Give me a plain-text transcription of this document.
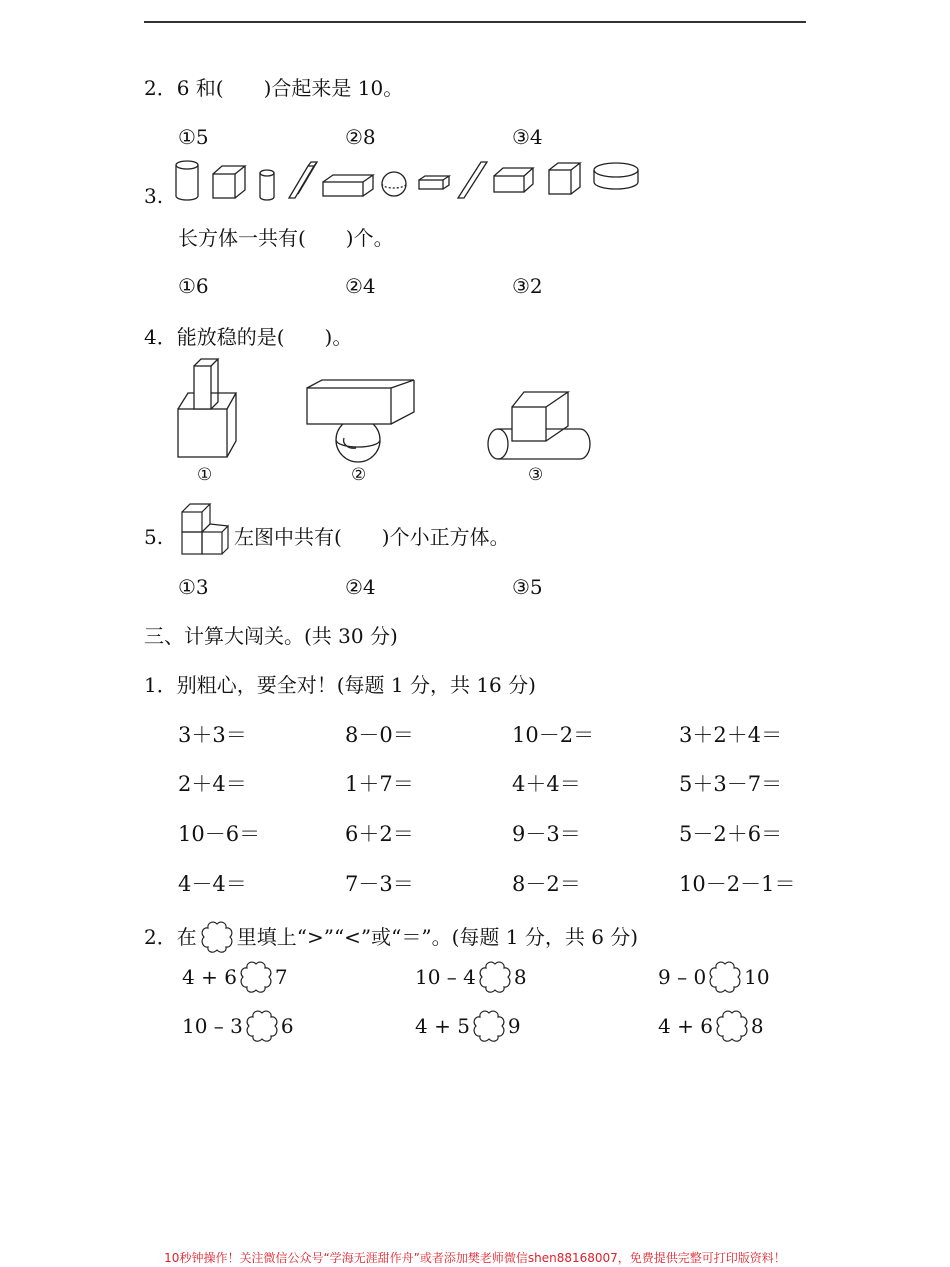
2．6 和(　　)合起来是 10。
①5	②8	③4
3.
长方体一共有(　　)个。
①6	②4	③2
4．能放稳的是(　　)。
①	②	③
5.	左图中共有(　　)个小正方体。
①3	②4	③5
三、计算大闯关。(共 30 分)
1．别粗心，要全对！(每题 1 分，共 16 分)
3＋3＝	8－0＝	10－2＝	3＋2＋4＝
2＋4＝	1＋7＝	4＋4＝	5＋3－7＝
10－6＝	6＋2＝	9－3＝	5－2＋6＝
4－4＝	7－3＝	8－2＝	10－2－1＝
2．在 里填上“>”“<”或“＝”。(每题 1 分，共 6 分)
4 + 6 7	10 – 4 8	9 – 0 10
10 – 3 6	4 + 5 9	4 + 6 8
10秒钟操作！关注微信公众号“学海无涯甜作舟”或者添加樊老师微信shen88168007，免费提供完整可打印版资料！
